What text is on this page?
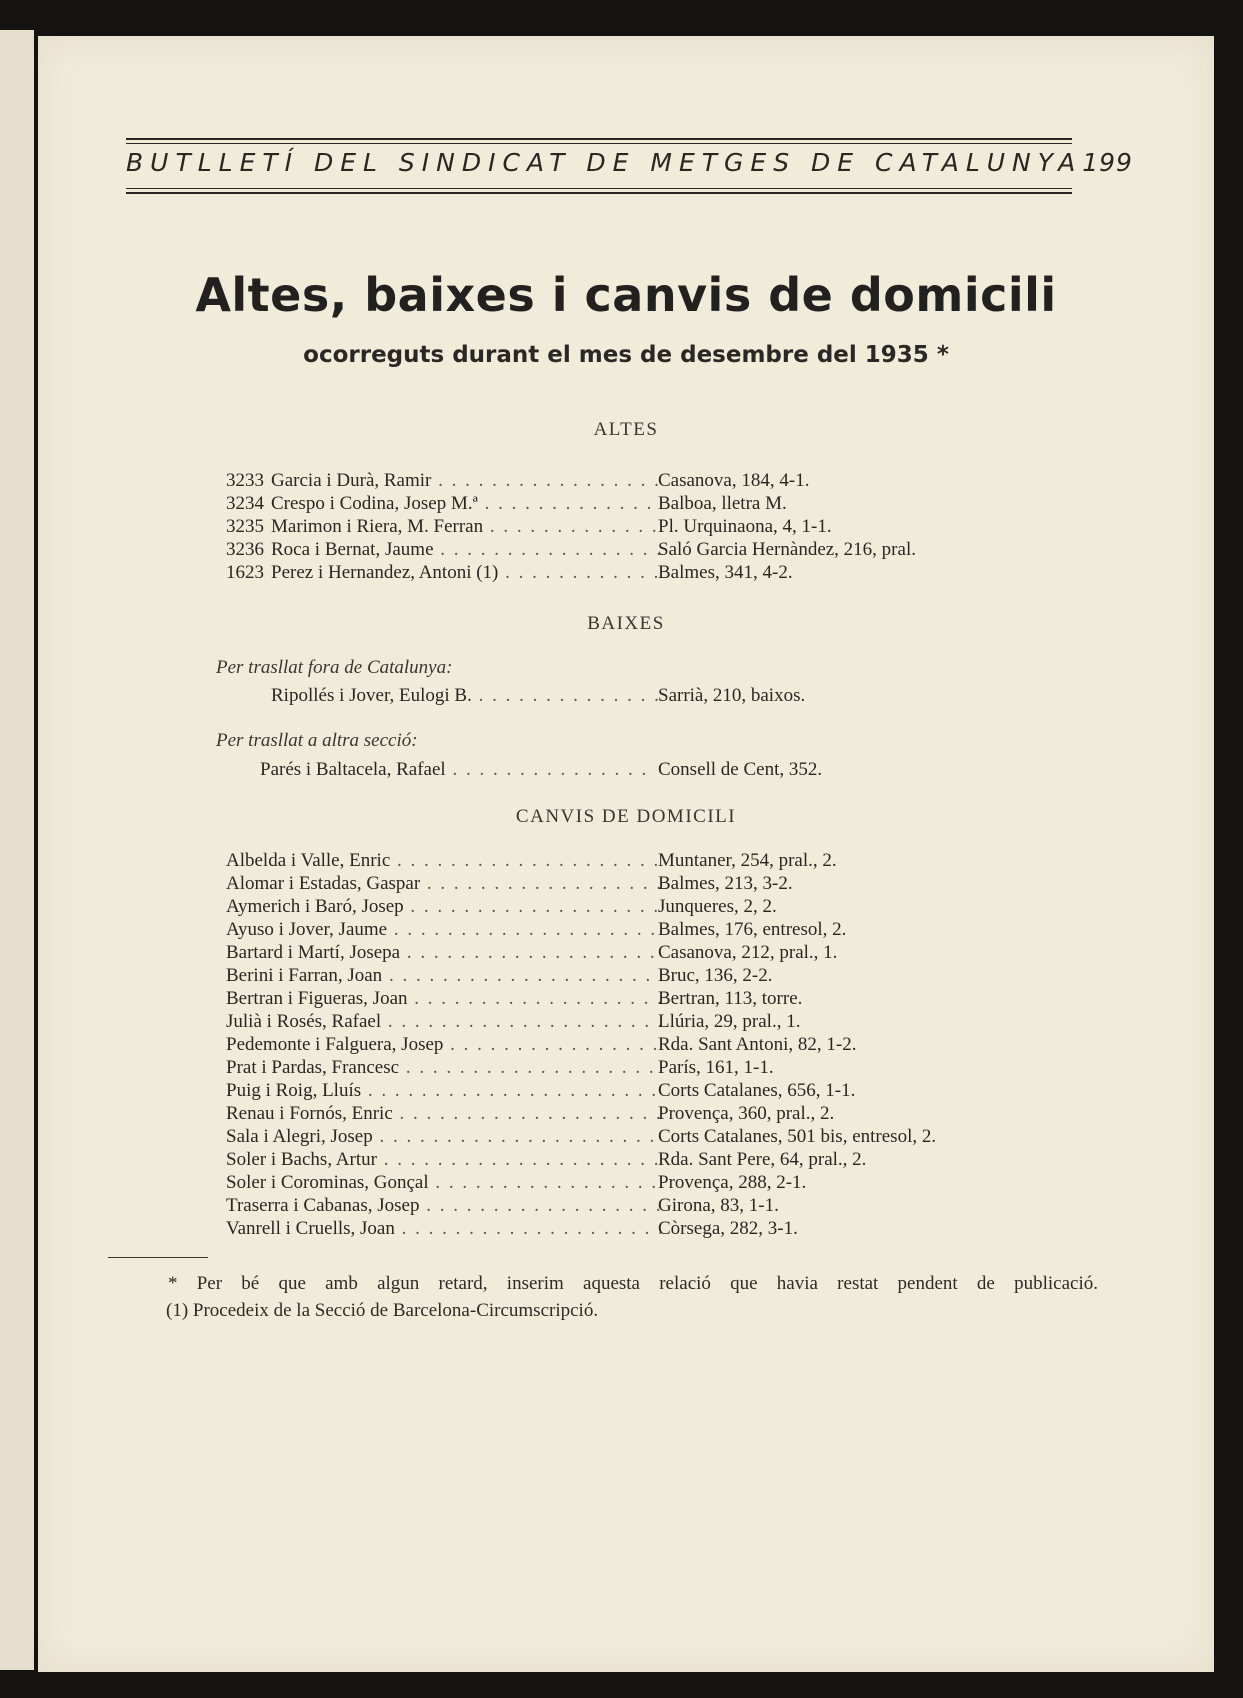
BUTLLETÍ DEL SINDICAT DE METGES DE CATALUNYA 199
Altes, baixes i canvis de domicili
ocorreguts durant el mes de desembre del 1935 *
ALTES
3233 Garcia i Durà, Ramir . . .	Casanova, 184, 4-1.
3234 Crespo i Codina, Josep M.ª . . .	Balboa, lletra M.
3235 Marimon i Riera, M. Ferran . . .	Pl. Urquinaona, 4, 1-1.
3236 Roca i Bernat, Jaume . . .	Saló Garcia Hernàndez, 216, pral.
1623 Perez i Hernandez, Antoni (1) . . .	Balmes, 341, 4-2.
BAIXES
Per trasllat fora de Catalunya:
Ripollés i Jover, Eulogi B. . . .	Sarrià, 210, baixos.
Per trasllat a altra secció:
Parés i Baltacela, Rafael . . .	Consell de Cent, 352.
CANVIS DE DOMICILI
Albelda i Valle, Enric . . .	Muntaner, 254, pral., 2.
Alomar i Estadas, Gaspar . . .	Balmes, 213, 3-2.
Aymerich i Baró, Josep . . .	Junqueres, 2, 2.
Ayuso i Jover, Jaume . . .	Balmes, 176, entresol, 2.
Bartard i Martí, Josepa . . .	Casanova, 212, pral., 1.
Berini i Farran, Joan . . .	Bruc, 136, 2-2.
Bertran i Figueras, Joan . . .	Bertran, 113, torre.
Julià i Rosés, Rafael . . .	Llúria, 29, pral., 1.
Pedemonte i Falguera, Josep . . .	Rda. Sant Antoni, 82, 1-2.
Prat i Pardas, Francesc . . .	París, 161, 1-1.
Puig i Roig, Lluís . . .	Corts Catalanes, 656, 1-1.
Renau i Fornós, Enric . . .	Provença, 360, pral., 2.
Sala i Alegri, Josep . . .	Corts Catalanes, 501 bis, entresol, 2.
Soler i Bachs, Artur . . .	Rda. Sant Pere, 64, pral., 2.
Soler i Corominas, Gonçal . . .	Provença, 288, 2-1.
Traserra i Cabanas, Josep . . .	Girona, 83, 1-1.
Vanrell i Cruells, Joan . . .	Còrsega, 282, 3-1.
* Per bé que amb algun retard, inserim aquesta relació que havia restat pendent de publicació.
(1) Procedeix de la Secció de Barcelona-Circumscripció.
